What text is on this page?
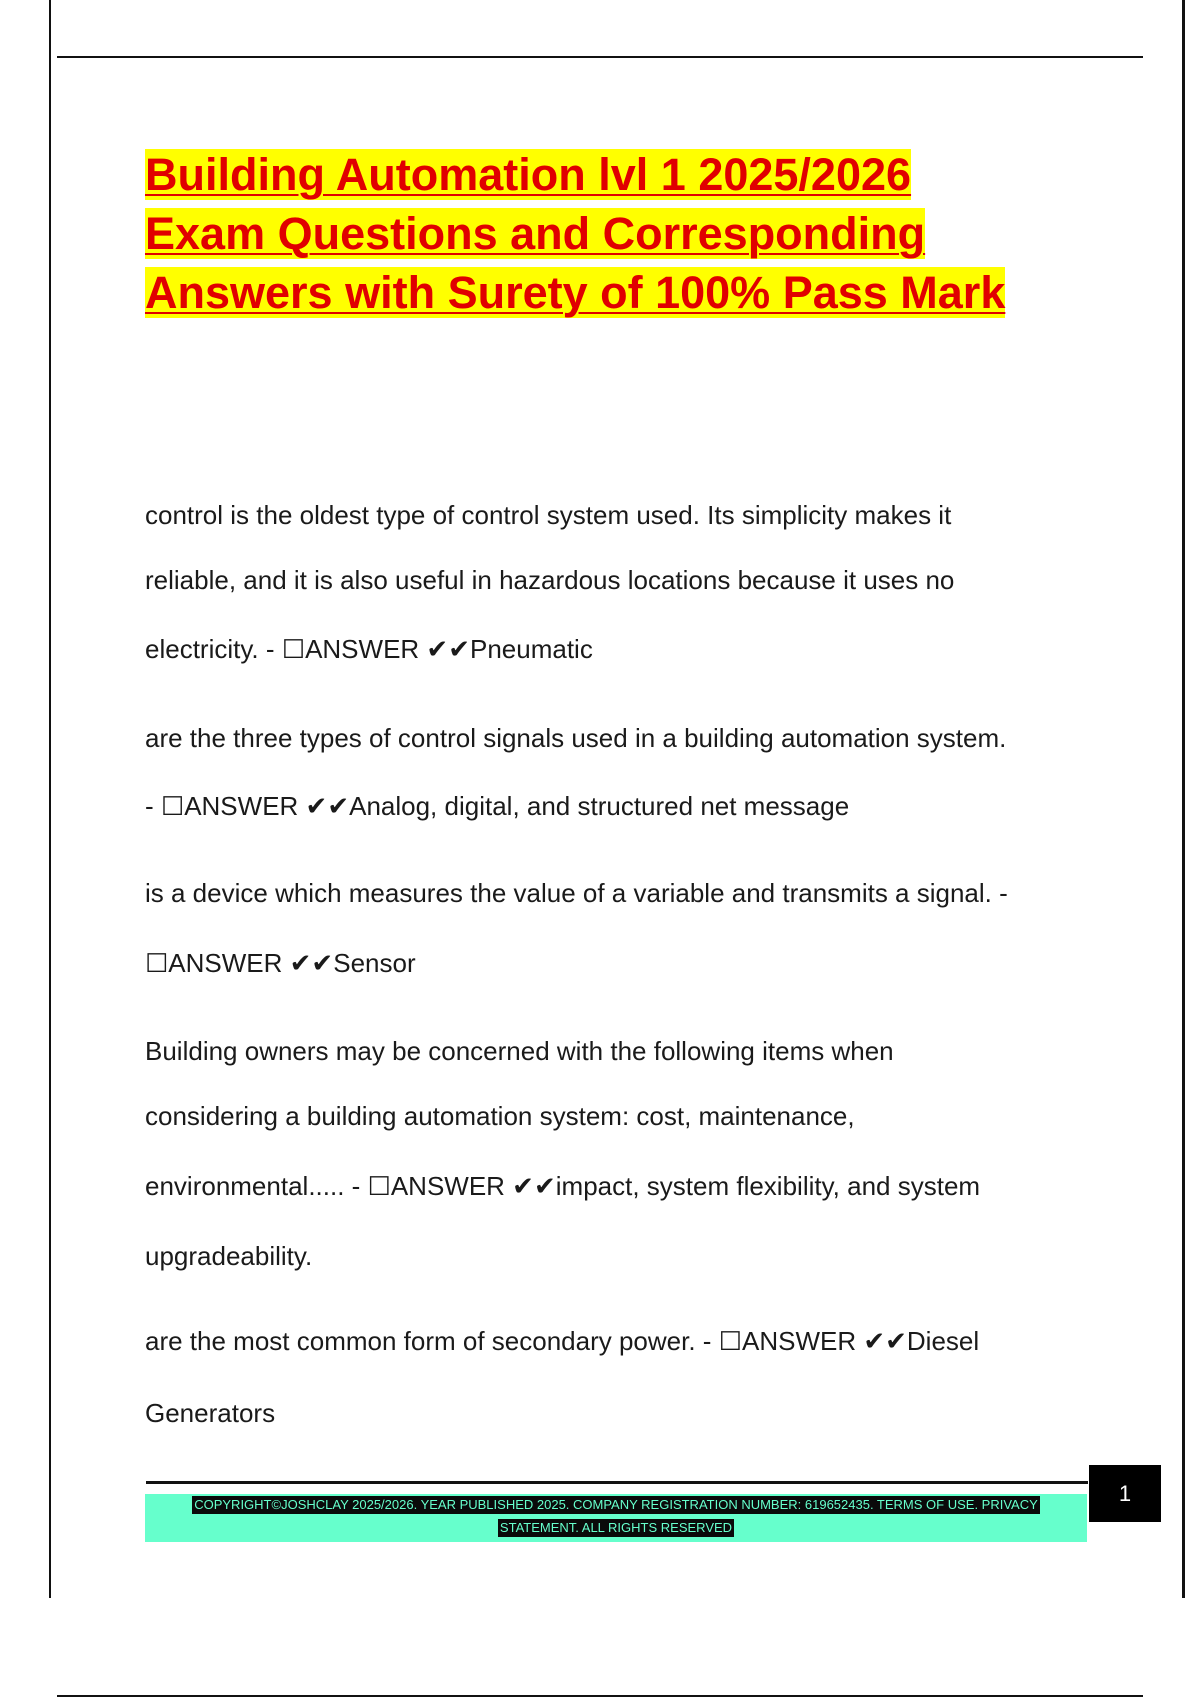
Building Automation lvl 1 2025/2026
Exam Questions and Corresponding
Answers with Surety of 100% Pass Mark

control is the oldest type of control system used. Its simplicity makes it

reliable, and it is also useful in hazardous locations because it uses no

electricity. - ☐ANSWER ✔✔Pneumatic

are the three types of control signals used in a building automation system.

- ☐ANSWER ✔✔Analog, digital, and structured net message

is a device which measures the value of a variable and transmits a signal. -

☐ANSWER ✔✔Sensor

Building owners may be concerned with the following items when

considering a building automation system: cost, maintenance,

environmental..... - ☐ANSWER ✔✔impact, system flexibility, and system

upgradeability.

are the most common form of secondary power. - ☐ANSWER ✔✔Diesel

Generators

COPYRIGHT©JOSHCLAY 2025/2026. YEAR PUBLISHED 2025. COMPANY REGISTRATION NUMBER: 619652435. TERMS OF USE. PRIVACY
STATEMENT. ALL RIGHTS RESERVED
1
